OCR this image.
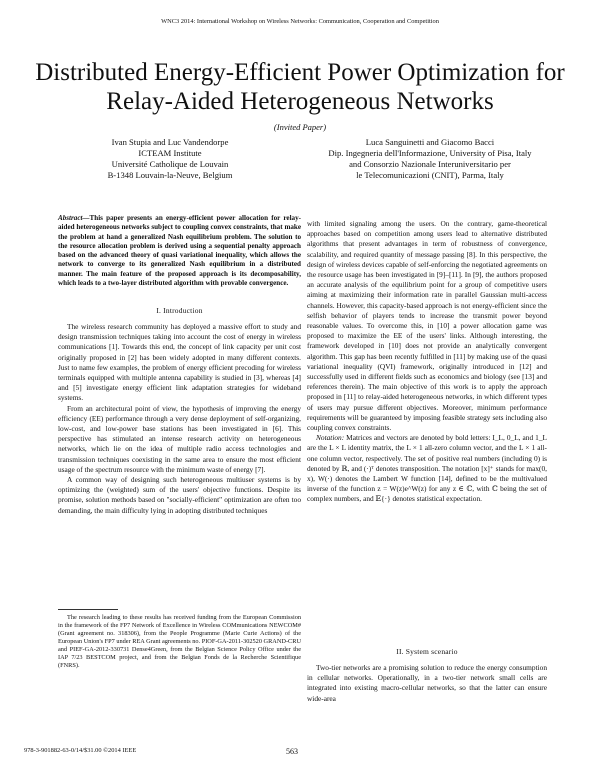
WNC3 2014: International Workshop on Wireless Networks: Communication, Cooperation and Competition
Distributed Energy-Efficient Power Optimization for
Relay-Aided Heterogeneous Networks
(Invited Paper)
Ivan Stupia and Luc Vandendorpe
ICTEAM Institute
Université Catholique de Louvain
B-1348 Louvain-la-Neuve, Belgium
Luca Sanguinetti and Giacomo Bacci
Dip. Ingegneria dell'Informazione, University of Pisa, Italy
and Consorzio Nazionale Interuniversitario per
le Telecomunicazioni (CNIT), Parma, Italy

Abstract—This paper presents an energy-efficient power allocation for relay-aided heterogeneous networks subject to coupling convex constraints, that make the problem at hand a generalized Nash equilibrium problem. The solution to the resource allocation problem is derived using a sequential penalty approach based on the advanced theory of quasi variational inequality, which allows the network to converge to its generalized Nash equilibrium in a distributed manner. The main feature of the proposed approach is its decomposability, which leads to a two-layer distributed algorithm with provable convergence.

I. Introduction

The wireless research community has deployed a massive effort to study and design transmission techniques taking into account the cost of energy in wireless communications [1]. Towards this end, the concept of link capacity per unit cost originally proposed in [2] has been widely adopted in many different contexts. Just to name few examples, the problem of energy efficient precoding for wireless terminals equipped with multiple antenna capability is studied in [3], whereas [4] and [5] investigate energy efficient link adaptation strategies for wideband systems.

From an architectural point of view, the hypothesis of improving the energy efficiency (EE) performance through a very dense deployment of self-organizing, low-cost, and low-power base stations has been investigated in [6]. This perspective has stimulated an intense research activity on heterogeneous networks, which lie on the idea of multiple radio access technologies and transmission techniques coexisting in the same area to ensure the most efficient usage of the spectrum resource with the minimum waste of energy [7].

A common way of designing such heterogeneous multiuser systems is by optimizing the (weighted) sum of the users' objective functions. Despite its promise, solution methods based on "socially-efficient" optimization are often too demanding, the main difficulty lying in adopting distributed techniques

The research leading to these results has received funding from the European Commission in the framework of the FP7 Network of Excellence in Wireless COMmunications NEWCOM# (Grant agreement no. 318306), from the People Programme (Marie Curie Actions) of the European Union's FP7 under REA Grant agreements no. PIOF-GA-2011-302520 GRAND-CRU and PIEF-GA-2012-330731 Dense4Green, from the Belgian Science Policy Office under the IAP 7/23 BESTCOM project, and from the Belgian Fonds de la Recherche Scientifique (FNRS).

with limited signaling among the users. On the contrary, game-theoretical approaches based on competition among users lead to alternative distributed algorithms that present advantages in term of robustness of convergence, scalability, and required quantity of message passing [8]. In this perspective, the design of wireless devices capable of self-enforcing the negotiated agreements on the resource usage has been investigated in [9]–[11]. In [9], the authors proposed an accurate analysis of the equilibrium point for a group of competitive users aiming at maximizing their information rate in parallel Gaussian multi-access channels. However, this capacity-based approach is not energy-efficient since the selfish behavior of players tends to increase the transmit power beyond reasonable values. To overcome this, in [10] a power allocation game was proposed to maximize the EE of the users' links. Although interesting, the framework developed in [10] does not provide an analytically convergent algorithm. This gap has been recently fulfilled in [11] by making use of the quasi variational inequality (QVI) framework, originally introduced in [12] and successfully used in different fields such as economics and biology (see [13] and references therein). The main objective of this work is to apply the approach proposed in [11] to relay-aided heterogeneous networks, in which different types of users may pursue different objectives. Moreover, minimum performance requirements will be guaranteed by imposing feasible strategy sets including also coupling convex constraints.

Notation: Matrices and vectors are denoted by bold letters: I_L, 0_L, and 1_L are the L × L identity matrix, the L × 1 all-zero column vector, and the L × 1 all-one column vector, respectively. The set of positive real numbers (including 0) is denoted by ℝ, and (·)ᵀ denotes transposition. The notation [x]⁺ stands for max(0, x), W(·) denotes the Lambert W function [14], defined to be the multivalued inverse of the function z = W(z)e^W(z) for any z ∈ ℂ, with ℂ being the set of complex numbers, and 𝔼{·} denotes statistical expectation.

II. System scenario

Two-tier networks are a promising solution to reduce the energy consumption in cellular networks. Operationally, in a two-tier network small cells are integrated into existing macro-cellular networks, so that the latter can ensure wide-area

978-3-901882-63-0/14/$31.00 ©2014 IEEE	563
